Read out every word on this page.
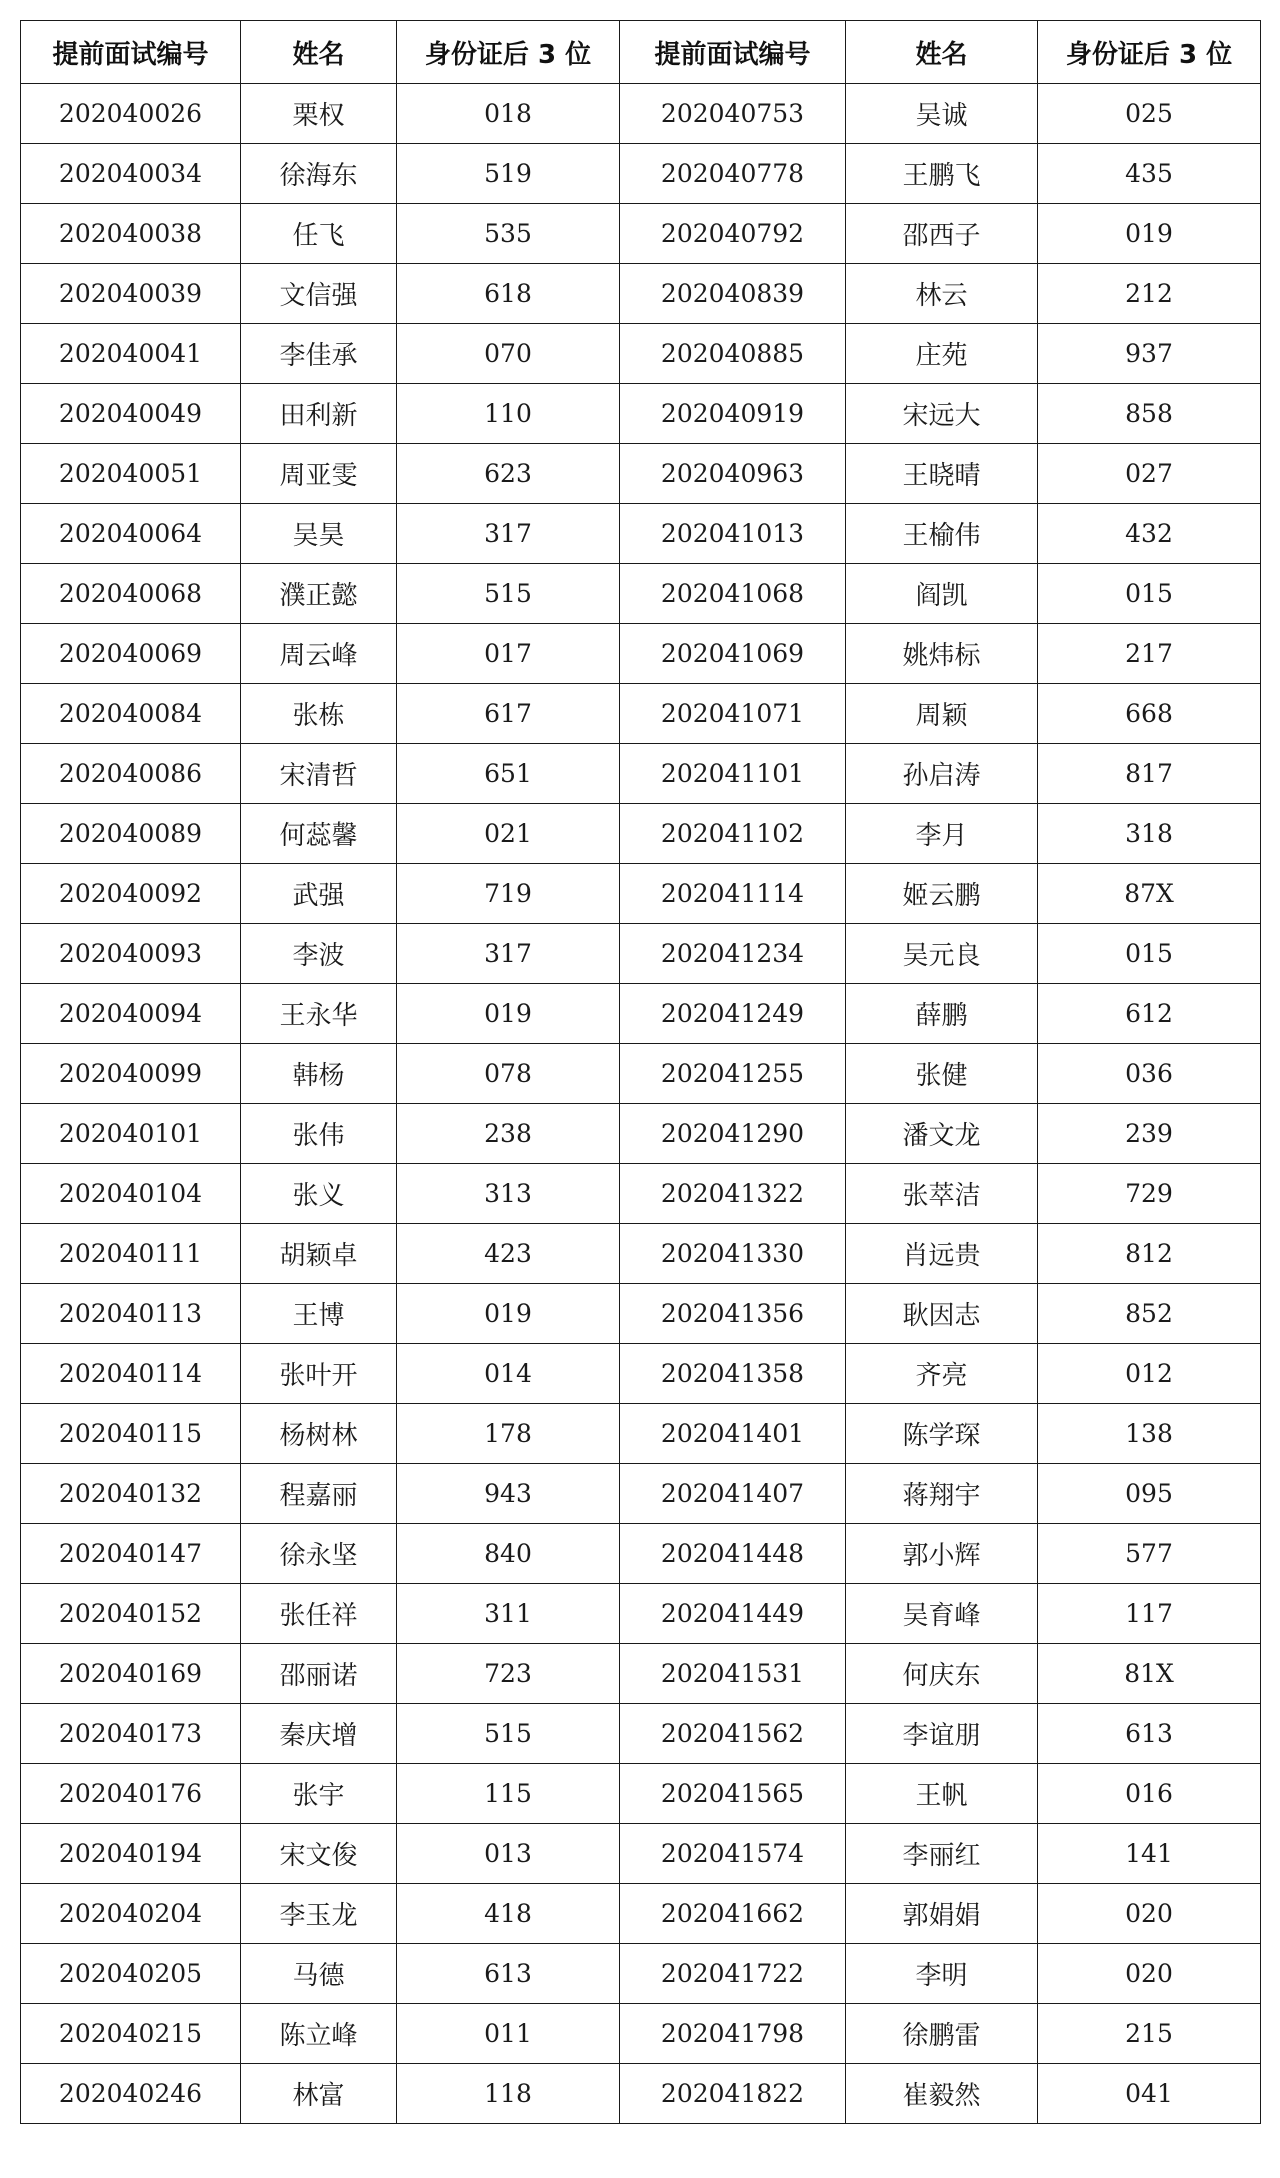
提前面试编号	姓名	身份证后 3 位	提前面试编号	姓名	身份证后 3 位
202040026	栗权	018	202040753	吴诚	025
202040034	徐海东	519	202040778	王鹏飞	435
202040038	任飞	535	202040792	邵西子	019
202040039	文信强	618	202040839	林云	212
202040041	李佳承	070	202040885	庄苑	937
202040049	田利新	110	202040919	宋远大	858
202040051	周亚雯	623	202040963	王晓晴	027
202040064	吴昊	317	202041013	王榆伟	432
202040068	濮正懿	515	202041068	阎凯	015
202040069	周云峰	017	202041069	姚炜标	217
202040084	张栋	617	202041071	周颖	668
202040086	宋清哲	651	202041101	孙启涛	817
202040089	何蕊馨	021	202041102	李月	318
202040092	武强	719	202041114	姬云鹏	87X
202040093	李波	317	202041234	吴元良	015
202040094	王永华	019	202041249	薛鹏	612
202040099	韩杨	078	202041255	张健	036
202040101	张伟	238	202041290	潘文龙	239
202040104	张义	313	202041322	张萃洁	729
202040111	胡颖卓	423	202041330	肖远贵	812
202040113	王博	019	202041356	耿因志	852
202040114	张叶开	014	202041358	齐亮	012
202040115	杨树林	178	202041401	陈学琛	138
202040132	程嘉丽	943	202041407	蒋翔宇	095
202040147	徐永坚	840	202041448	郭小辉	577
202040152	张任祥	311	202041449	吴育峰	117
202040169	邵丽诺	723	202041531	何庆东	81X
202040173	秦庆增	515	202041562	李谊朋	613
202040176	张宇	115	202041565	王帆	016
202040194	宋文俊	013	202041574	李丽红	141
202040204	李玉龙	418	202041662	郭娟娟	020
202040205	马德	613	202041722	李明	020
202040215	陈立峰	011	202041798	徐鹏雷	215
202040246	林富	118	202041822	崔毅然	041
